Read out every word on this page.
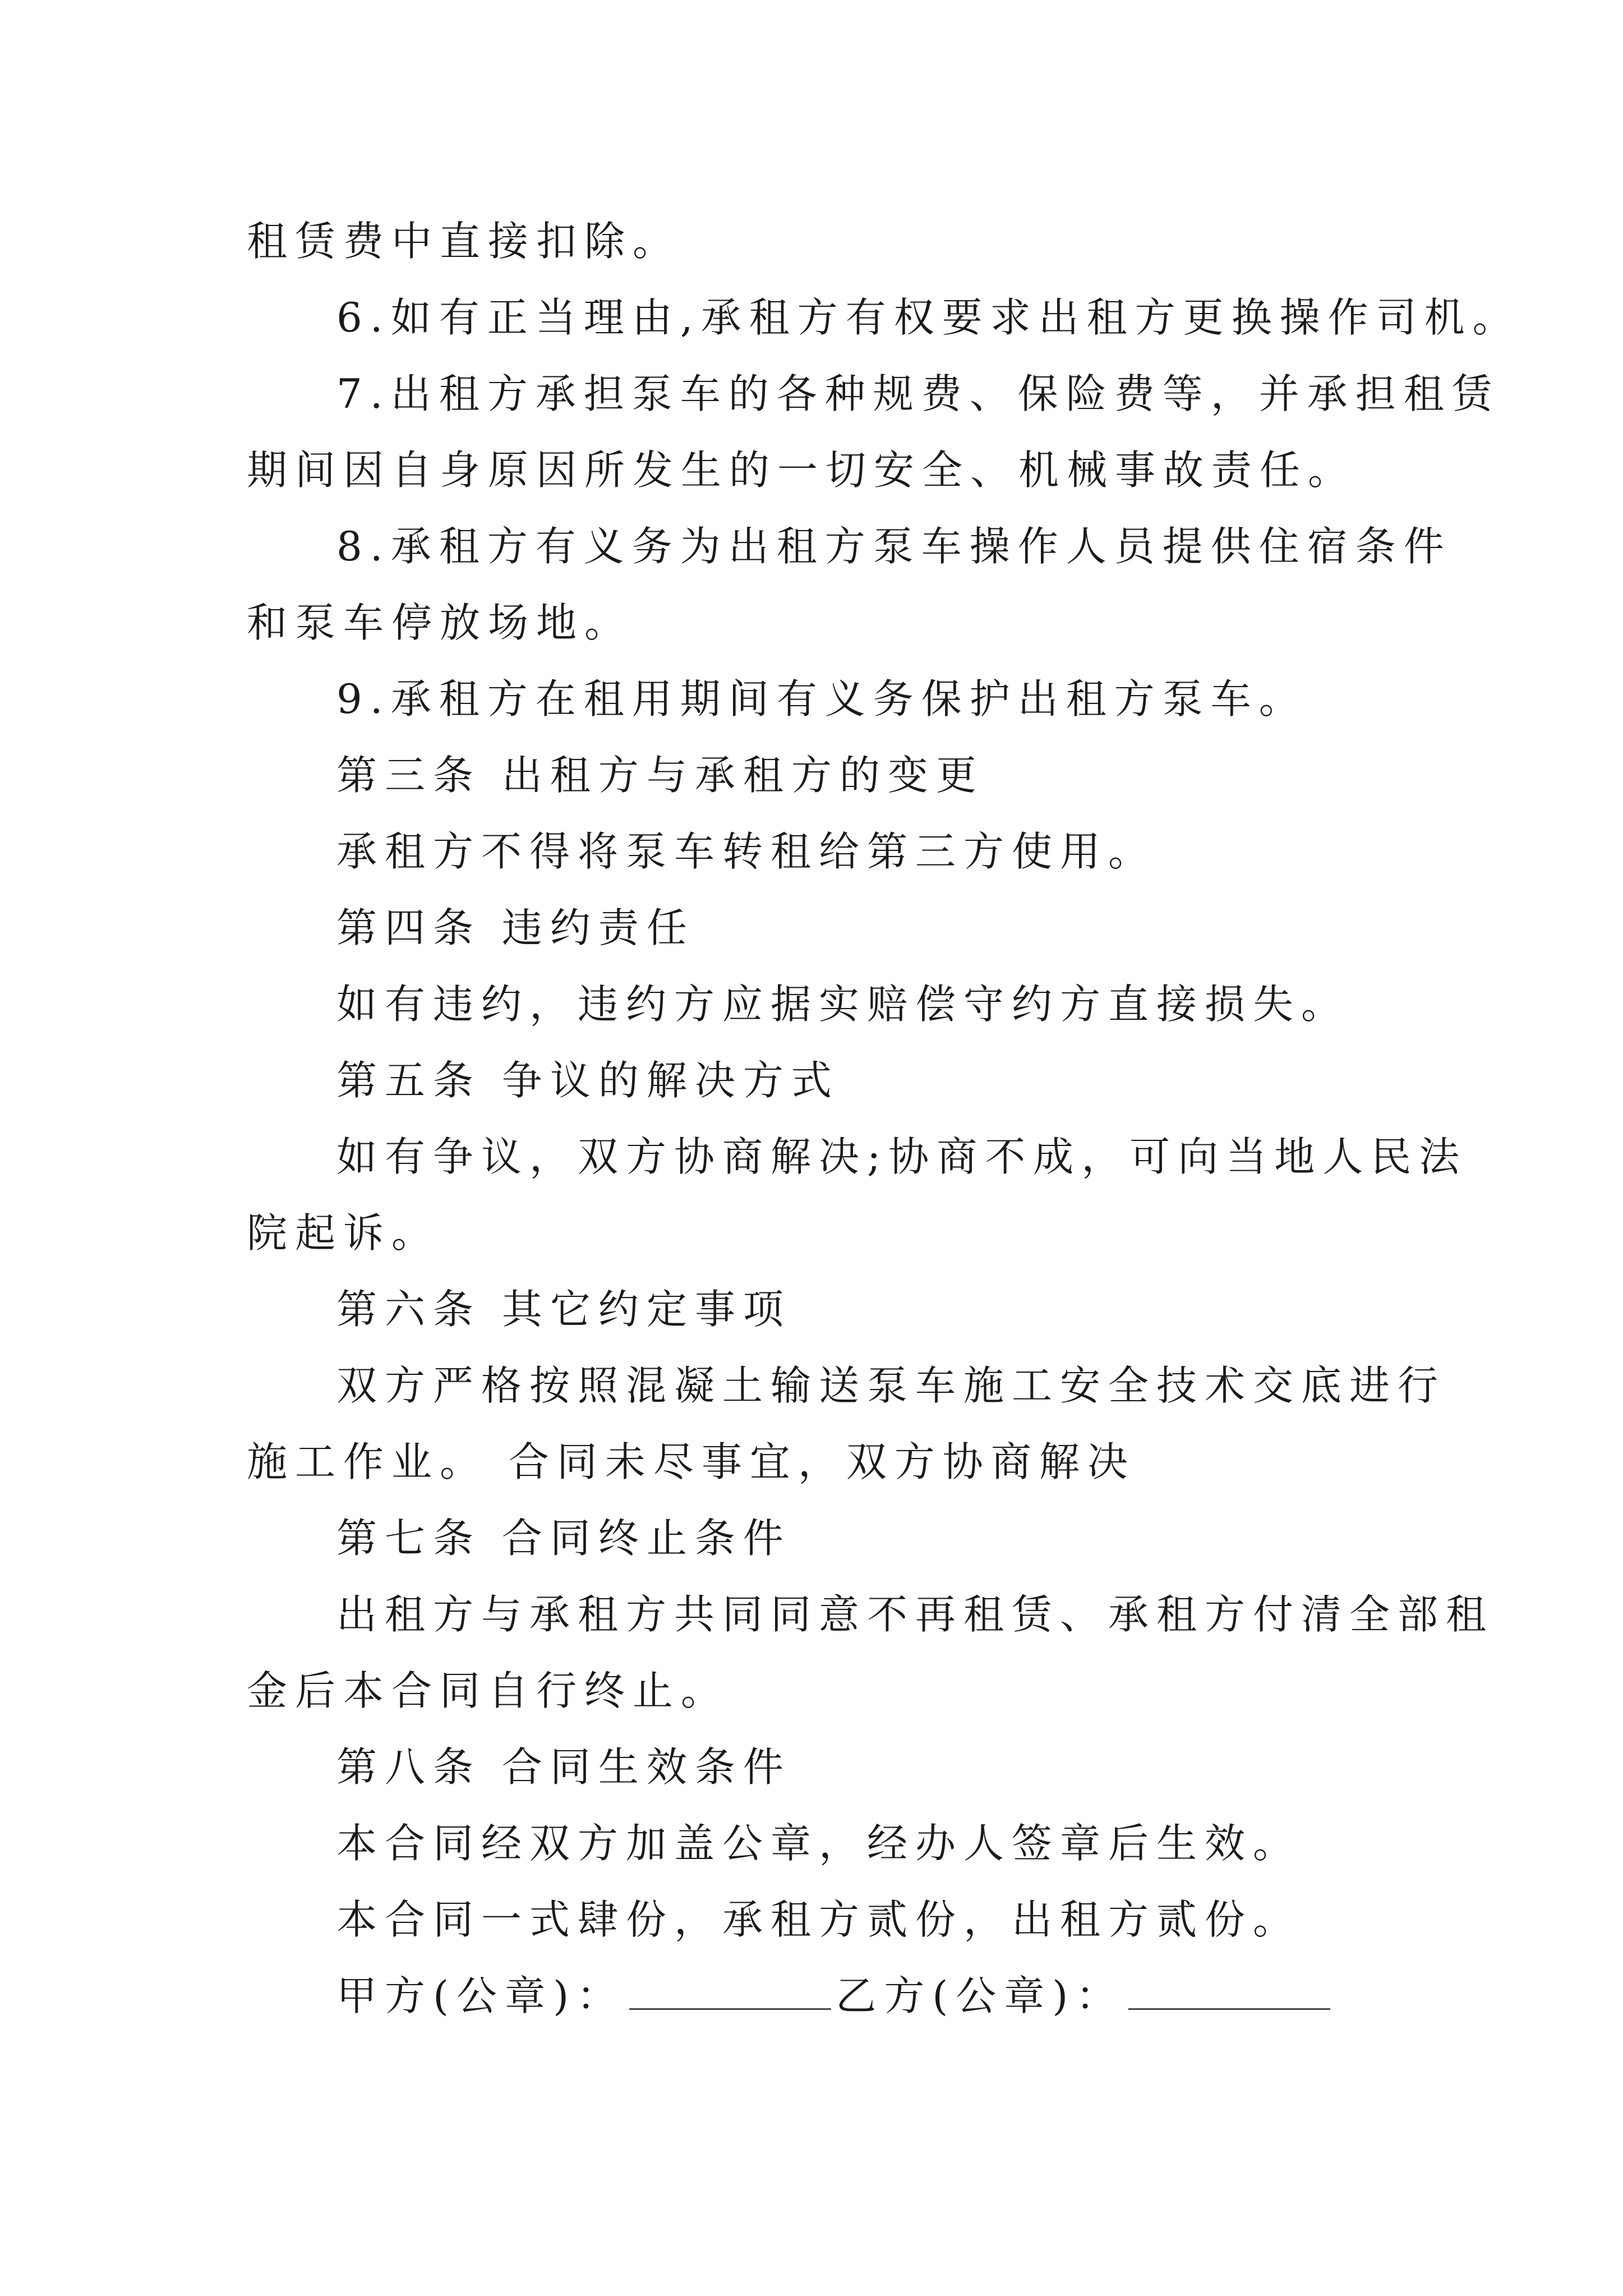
租赁费中直接扣除。
6.如有正当理由,承租方有权要求出租方更换操作司机。
7.出租方承担泵车的各种规费、保险费等，并承担租赁
期间因自身原因所发生的一切安全、机械事故责任。
8.承租方有义务为出租方泵车操作人员提供住宿条件
和泵车停放场地。
9.承租方在租用期间有义务保护出租方泵车。
第三条 出租方与承租方的变更
承租方不得将泵车转租给第三方使用。
第四条 违约责任
如有违约，违约方应据实赔偿守约方直接损失。
第五条 争议的解决方式
如有争议，双方协商解决;协商不成，可向当地人民法
院起诉。
第六条 其它约定事项
双方严格按照混凝土输送泵车施工安全技术交底进行
施工作业。 合同未尽事宜，双方协商解决
第七条 合同终止条件
出租方与承租方共同同意不再租赁、承租方付清全部租
金后本合同自行终止。
第八条 合同生效条件
本合同经双方加盖公章，经办人签章后生效。
本合同一式肆份，承租方贰份，出租方贰份。
甲方(公章)：	乙方(公章)：
